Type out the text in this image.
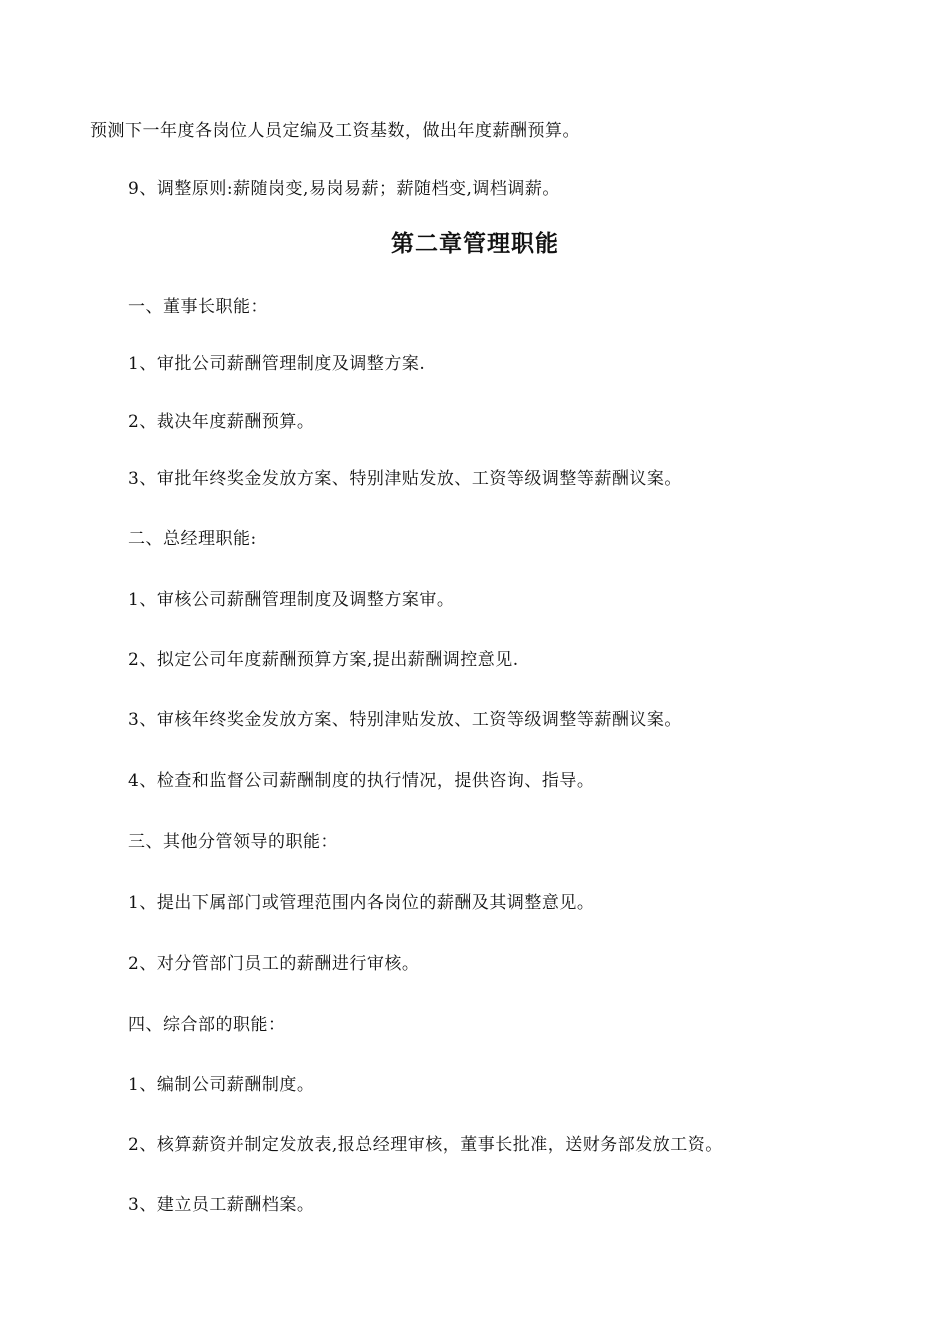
预测下一年度各岗位人员定编及工资基数，做出年度薪酬预算。
9、调整原则:薪随岗变,易岗易薪；薪随档变,调档调薪。
第二章管理职能
一、董事长职能：
1、审批公司薪酬管理制度及调整方案.
2、裁决年度薪酬预算。
3、审批年终奖金发放方案、特别津贴发放、工资等级调整等薪酬议案。
二、总经理职能:
1、审核公司薪酬管理制度及调整方案审。
2、拟定公司年度薪酬预算方案,提出薪酬调控意见.
3、审核年终奖金发放方案、特别津贴发放、工资等级调整等薪酬议案。
4、检查和监督公司薪酬制度的执行情况，提供咨询、指导。
三、其他分管领导的职能：
1、提出下属部门或管理范围内各岗位的薪酬及其调整意见。
2、对分管部门员工的薪酬进行审核。
四、综合部的职能：
1、编制公司薪酬制度。
2、核算薪资并制定发放表,报总经理审核，董事长批准，送财务部发放工资。
3、建立员工薪酬档案。
